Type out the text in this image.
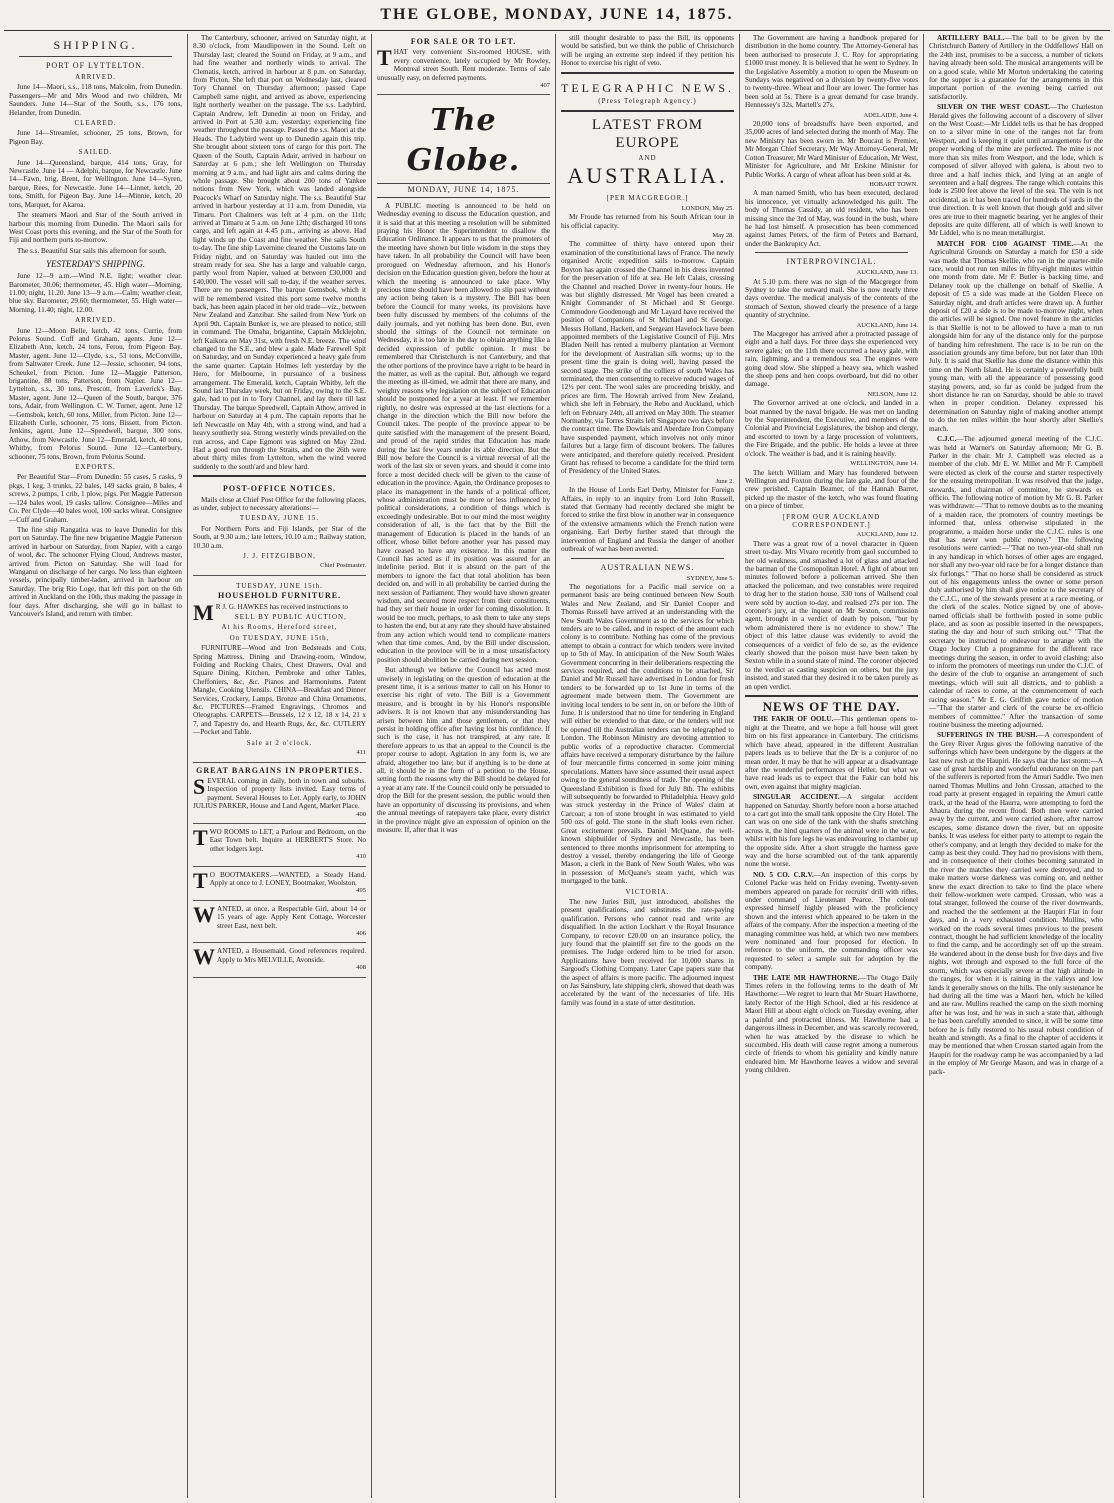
THE GLOBE, MONDAY, JUNE 14, 1875.
SHIPPING.
PORT OF LYTTELTON.
ARRIVED.

June 14—Maori, s.s., 118 tons, Malcolm, from Dunedin. Passengers—Mr and Mrs Wood and two children, Mr Saunders. June 14—Star of the South, s.s., 176 tons, Helander, from Dunedin.

CLEARED.

June 14—Streamlet, schooner, 25 tons, Brown, for Pigeon Bay.

SAILED.

June 14—Queensland, barque, 414 tons, Gray, for Newcastle. June 14 — Adelphi, barque, for Newcastle. June 14—Fawn, brig, Brent, for Wellington. June 14—Syren, barque, Rees, for Newcastle. June 14—Linnet, ketch, 20 tons, Smith, for Pigeon Bay. June 14—Minnie, ketch, 20 tons, Marquet, for Akaroa.

The steamers Maori and Star of the South arrived in harbour this morning from Dunedin. The Maori sails for West Coast ports this evening, and the Star of the South for Fiji and northern ports to-morrow.

The s.s. Beautiful Star sails this afternoon for south.

YESTERDAY'S SHIPPING.

June 12—9 a.m.—Wind N.E. light; weather clear. Barometer, 30.06; thermometer, 45. High water—Morning, 11.00; night, 11.20. June 13—9 a.m.—Calm; weather clear, blue sky. Barometer, 29.60; thermometer, 55. High water—Morning, 11.40; night, 12.00.

ARRIVED.

June 12—Moon Belle, ketch, 42 tons, Currie, from Pelorus Sound. Cuff and Graham, agents. June 12—Elizabeth Ann, ketch, 24 tons, Ferou, from Pigeon Bay. Master, agent. June 12—Clyde, s.s., 53 tons, McConville, from Saltwater Creek. June 12—Jessie, schooner, 94 tons, Scheukel, from Picton. June 12—Maggie Patterson, brigantine, 88 tons, Patterson, from Napier. June 12—Lyttelton, s.s., 30 tons, Prescott, from Laverick's Bay. Master, agent. June 12—Queen of the South, barque, 376 tons, Adair, from Wellington. C. W. Turner, agent. June 12—Gemsbok, ketch, 60 tons, Miller, from Picton. June 12—Elizabeth Curle, schooner, 75 tons, Bissett, from Picton. Jenkins, agent. June 12—Speedwell, barque, 300 tons, Athow, from Newcastle. June 12—Emerald, ketch, 40 tons, Whitby, from Pelorus Sound. June 12—Canterbury, schooner, 75 tons, Brown, from Pelorus Sound.

EXPORTS.

Per Beautiful Star—From Dunedin: 55 cases, 5 casks, 9 pkgs, 1 keg, 3 trunks, 22 bales, 149 sacks grain, 8 bales, 4 screws, 2 pumps, 1 crib, 1 plow, pigs. Per Maggie Patterson—124 bales wool, 19 casks tallow. Consignee—Miles and Co. Per Clyde—40 bales wool, 100 sacks wheat. Consignee—Cuff and Graham.

The fine ship Rangatira was to leave Dunedin for this port on Saturday. The fine new brigantine Maggie Patterson arrived in harbour on Saturday, from Napier, with a cargo of wool, &c. The schooner Flying Cloud, Andrews master, arrived from Picton on Saturday. She will load for Wanganui on discharge of her cargo. No less than eighteen vessels, principally timber-laden, arrived in harbour on Saturday. The brig Rio Loge, that left this port on the 6th arrived in Auckland on the 10th, thus making the passage in four days. After discharging, she will go in ballast to Vancouver's Island, and return with timber.

The Canterbury, schooner, arrived on Saturday night, at 8.30 o'clock, from Maudlipowen in the Sound. Left on Thursday last; cleared the Sound on Friday, at 9 a.m., and had fine weather and northerly winds to arrival. The Clematis, ketch, arrived in harbour at 8 p.m. on Saturday, from Picton. She left that port on Wednesday last, cleared Tory Channel on Thursday afternoon; passed Cape Campbell same night, and arrived as above, experiencing light northerly weather on the passage. The s.s. Ladybird, Captain Andrew, left Dunedin at noon on Friday, and arrived in Port at 5.30 a.m. yesterday; experiencing fine weather throughout the passage. Passed the s.s. Maori at the Heads. The Ladybird went up to Dunedin again this trip. She brought about sixteen tons of cargo for this port. The Queen of the South, Captain Adair, arrived in harbour on Saturday at 6 p.m.; she left Wellington on Thursday morning at 9 a.m., and had light airs and calms during the whole passage. She brought about 200 tons of Yankee notions from New York, which was landed alongside Peacock's Wharf on Saturday night. The s.s. Beautiful Star arrived in harbour yesterday at 11 a.m. from Dunedin, via Timaru. Port Chalmers was left at 4 p.m. on the 11th; arrived at Timaru at 5 a.m. on June 12th; discharged 10 tons cargo, and left again at 4.45 p.m., arriving as above. Had light winds up the Coast and fine weather. She sails South to-day. The fine ship Lavernine cleared the Customs late on Friday night, and on Saturday was hauled out into the stream ready for sea. She has a large and valuable cargo, partly wool from Napier, valued at between £30,000 and £40,000. The vessel will sail to-day, if the weather serves. There are no passengers. The barque Gemsbok, which it will be remembered visited this port some twelve months back, has been again placed in her old trade—viz., between New Zealand and Zanzibar. She sailed from New York on April 9th. Captain Bunker is, we are pleased to notice, still in command. The Omaha, brigantine, Captain Mcklejohn, left Kaikora on May 31st, with fresh N.E. breeze. The wind changed to the S.E., and blew a gale. Made Farewell Spit on Saturday, and on Sunday experienced a heavy gale from the same quarter. Captain Holmes left yesterday by the Hero, for Melbourne, in pursuance of a business arrangement. The Emerald, ketch, Captain Whitby, left the Sound last Thursday week, but on Friday, owing to the S.E. gale, had to put in to Tory Channel, and lay there till last Thursday. The barque Speedwell, Captain Athow, arrived in harbour on Saturday at 4 p.m. The captain reports that he left Newcastle on May 4th, with a strong wind, and had a heavy southerly sea. Strong westerly winds prevailed on the run across, and Cape Egmont was sighted on May 22nd. Had a good run through the Straits, and on the 26th were about thirty miles from Lyttelton, when the wind veered suddenly to the south'ard and blew hard.

POST-OFFICE NOTICES.

Mails close at Chief Post Office for the following places, as under, subject to necessary alterations:—

TUESDAY, JUNE 15.

For Northern Ports and Fiji Islands, per Star of the South, at 9.30 a.m.; late letters, 10.10 a.m.; Railway station, 10.30 a.m.

J. J. FITZGIBBON,
Chief Postmaster.
TUESDAY, JUNE 15th.
HOUSEHOLD FURNITURE.
M R J. G. HAWKES has received instructions to
SELL BY PUBLIC AUCTION,
At his Rooms, Hereford street,
On TUESDAY, JUNE 15th,

FURNITURE—Wood and Iron Bedsteads and Cots, Spring Mattress, Dining and Drawing-room, Window, Folding and Rocking Chairs, Chest Drawers, Oval and Square Dining, Kitchen, Pembroke and other Tables, Cheffoniers, &c, &c. Pianos and Harmoniums. Patent Mangle, Cooking Utensils. CHINA—Breakfast and Dinner Services, Crockery, Lamps, Bronze and China Ornaments, &c. PICTURES—Framed Engravings, Chromos and Oleographs. CARPETS—Brussels, 12 x 12, 18 x 14, 21 x 7, and Tapestry do, and Hearth Rugs, &c, &c. CUTLERY—Pocket and Table.

Sale at 2 o'clock.
411
GREAT BARGAINS IN PROPERTIES.
SEVERAL coming in daily, both in town and suburbs. Inspection of property lists invited. Easy terms of payment. Several Houses to Let. Apply early, to JOHN JULIUS PARKER, House and Land Agent, Market Place.
400
TWO ROOMS to LET, a Parlour and Bedroom, on the East Town belt. Inquire at HERBERT'S Store. No other lodgers kept.
410
T O BOOTMAKERS.—WANTED, a Steady Hand. Apply at once to J. LONEY, Bootmaker, Woolston.
495
WANTED, at once, a Respectable Girl, about 14 or 15 years of age. Apply Kent Cottage, Worcester street East, next belt.
406
WANTED, a Housemaid. Good references required. Apply to Mrs MELVILLE, Avonside.
408
FOR SALE OR TO LET.
THAT very convenient Six-roomed HOUSE, with every convenience, lately occupied by Mr Rowley, Montreal street South. Rent moderate. Terms of sale unusually easy, on deferred payments.
407
The Globe.
MONDAY, JUNE 14, 1875.

A PUBLIC meeting is announced to be held on Wednesday evening to discuss the Education question, and it is said that at this meeting a resolution will be submitted praying his Honor the Superintendent to disallow the Education Ordinance. It appears to us that the promoters of the meeting have shown but little wisdom in the steps they have taken. In all probability the Council will have been prorogued on Wednesday afternoon, and his Honor's decision on the Education question given, before the hour at which the meeting is announced to take place. Why precious time should have been allowed to slip past without any action being taken is a mystery. The Bill has been before the Council for many weeks, its provisions have been fully discussed by members of the columns of the daily journals, and yet nothing has been done. But, even should the sittings of the Council not terminate on Wednesday, it is too late in the day to obtain anything like a decided expression of public opinion. It must be remembered that Christchurch is not Canterbury, and that the other portions of the province have a right to be heard in the matter, as well as the capital. But, although we regard the meeting as ill-timed, we admit that there are many, and weighty reasons why legislation on the subject of Education should be postponed for a year at least. If we remember rightly, no desire was expressed at the last elections for a change in the direction which the Bill now before the Council takes. The people of the province appear to be quite satisfied with the management of the present Board, and proud of the rapid strides that Education has made during the last few years under its able direction. But the Bill now before the Council is a virtual reversal of all the work of the last six or seven years, and should it come into force a most decided check will be given to the cause of education in the province. Again, the Ordinance proposes to place its management in the hands of a political officer, whose administration must be more or less influenced by political considerations, a condition of things which is exceedingly undesirable. But to our mind the most weighty consideration of all, is the fact that by the Bill the management of Education is placed in the hands of an officer, whose billet before another year has passed may have ceased to have any existence. In this matter the Council has acted as if its position was assured for an indefinite period. But it is absurd on the part of the members to ignore the fact that total abolition has been decided on, and will in all probability be carried during the next session of Parliament. They would have shown greater wisdom, and secured more respect from their constituents, had they set their house in order for coming dissolution. It would be too much, perhaps, to ask them to take any steps to hasten the end, but at any rate they should have abstained from any action which would tend to complicate matters when that time comes. And, by the Bill under discussion, education in the province will be in a most unsatisfactory position should abolition be carried during next session.

But although we believe the Council has acted most unwisely in legislating on the question of education at the present time, it is a serious matter to call on his Honor to exercise his right of veto. The Bill is a Government measure, and is brought in by his Honor's responsible advisers. It is not known that any misunderstanding has arisen between him and those gentlemen, or that they persist in holding office after having lost his confidence. If such is the case, it has not transpired, at any rate. It therefore appears to us that an appeal to the Council is the proper course to adopt. Agitation in any form is, we are afraid, altogether too late; but if anything is to be done at all, it should be in the form of a petition to the House, setting forth the reasons why the Bill should be delayed for a year at any rate. If the Council could only be persuaded to drop the Bill for the present session, the public would then have an opportunity of discussing its provisions, and when the annual meetings of ratepayers take place, every district in the province might give an expression of opinion on the measure. If, after that it was

still thought desirable to pass the Bill, its opponents would be satisfied, but we think the public of Christchurch will be urging an extreme step indeed if they petition his Honor to exercise his right of veto.

TELEGRAPHIC NEWS.
(Press Telegraph Agency.)
LATEST FROM EUROPE
AND
AUSTRALIA.
[PER MACGREGOR.]
LONDON, May 25.

Mr Froude has returned from his South African tour in his official capacity.

May 28.

The committee of thirty have entered upon their examination of the constitutional laws of France. The newly organised Arctic expedition sails to-morrow. Captain Boyton has again crossed the Channel in his dress invented for the preservation of life at sea. He left Calais, crossing the Channel and reached Dover in twenty-four hours. He was but slightly distressed. Mr Vogel has been created a Knight Commander of St Michael and St George. Commodore Goodenough and Mr Layard have received the position of Companions of St Michael and St George. Messrs Holland, Hackett, and Sergeant Havelock have been appointed members of the Legislative Council of Fiji. Mrs Bladen Neill has rented a mulberry plantation at Vermont for the development of Australian silk worms; up to the present time the grain is doing well, having passed the second stage. The strike of the colliers of south Wales has terminated, the men consenting to receive reduced wages of 12½ per cent. The wool sales are proceeding briskly, and prices are firm. The Howrah arrived from New Zealand, which she left in February, the Rebo and Auckland, which left on February 24th, all arrived on May 30th. The steamer Normanby, via Torres Straits left Singapore two days before the contract time. The Dowlais and Aberdare Iron Company have suspended payment, which involves not only minor failures but a large firm of discount brokers. The failures were anticipated, and therefore quietly received. President Grant has refused to become a candidate for the third term of Presidency of the United States.

June 2.

In the House of Lords Earl Derby, Minister for Foreign Affairs, in reply to an inquiry from Lord John Russell, stated that Germany had recently declared she might be forced to strike the first blow in another war in consequence of the extensive armaments which the French nation were organising. Earl Derby further stated that through the intervention of England and Russia the danger of another outbreak of war has been averted.

AUSTRALIAN NEWS.
SYDNEY, June 5.

The negotiations for a Pacific mail service on a permanent basis are being continued between New South Wales and New Zealand, and Sir Daniel Cooper and Thomas Russell have arrived at an understanding with the New South Wales Government as to the services for which tenders are to be called, and in respect of the amount each colony is to contribute. Nothing has come of the previous attempt to obtain a contract for which tenders were invited up to 5th of May. In anticipation of the New South Wales Government concurring in their deliberations respecting the services required, and the conditions to be attached, Sir Daniel and Mr Russell have advertised in London for fresh tenders to be forwarded up to 1st June in terms of the agreement made between them. The Government are inviting local tenders to be sent in, on or before the 10th of June. It is understood that no time for tendering in England will either be extended to that date, or the tenders will not be opened till the Australian tenders can be telegraphed to London. The Robinson Ministry are devoting attention to public works of a reproductive character. Commercial affairs have received a temporary disturbance by the failure of four mercantile firms concerned in some joint mining speculations. Matters have since assumed their usual aspect owing to the general soundness of trade. The opening of the Queensland Exhibition is fixed for July 8th. The exhibits will subsequently be forwarded to Philadelphia. Heavy gold was struck yesterday in the Prince of Wales' claim at Carcoar; a ton of stone brought in was estimated to yield 500 ozs of gold. The stone in the shaft looks even richer. Great excitement prevails. Daniel McQuane, the well-known shipbuilder of Sydney and Newcastle, has been sentenced to three months imprisonment for attempting to destroy a vessel, thereby endangering the life of George Mason, a clerk in the Bank of New South Wales, who was in possession of McQuane's steam yacht, which was mortgaged to the bank.

VICTORIA.

The new Juries Bill, just introduced, abolishes the present qualifications, and substitutes the rate-paying qualification. Persons who cannot read and write are disqualified. In the action Lockhart v the Royal Insurance Company, to recover £20.00 on an insurance policy, the jury found that the plaintiff set fire to the goods on the premises. The Judge ordered him to be tried for arson. Applications have been received for 10,000 shares in Sargood's Clothing Company. Later Cape papers state that the aspect of affairs is more pacific. The adjourned inquest on Jas Sainsbury, late shipping clerk, showed that death was accelerated by the want of the necessaries of life. His family was found in a state of utter destitution.

The Government are having a handbook prepared for distribution in the home country. The Attorney-General has been authorised to prosecute J. C. Roy for appropriating £1000 trust money. It is believed that he went to Sydney. In the Legislative Assembly a motion to open the Museum on Sundays was negatived on a division by twenty-five votes to twenty-three. Wheat and flour are lower. The former has been sold at 5s. There is a great demand for case brandy. Hennessey's 32s, Martell's 27s.

ADELAIDE, June 4.

20,000 tons of breadstuffs have been exported, and 35,000 acres of land selected during the month of May. The new Ministry has been sworn in. Mr Boucaut is Premier, Mr Morgan Chief Secretary, Mr Way Attorney-General, Mr Cotton Treasurer, Mr Ward Minister of Education, Mr West, Minister for Agriculture, and Mr Erskine Minister for Public Works. A cargo of wheat afloat has been sold at 4s.

HOBART TOWN.

A man named Smith, who has been executed, declared his innocence, yet virtually acknowledged his guilt. The body of Thomas Cassidy, an old resident, who has been missing since the 3rd of May, was found in the bush, where he had lost himself. A prosecution has been commenced against James Peters, of the firm of Peters and Barnard, under the Bankruptcy Act.

INTERPROVINCIAL.
AUCKLAND, June 13.

At 5.10 p.m. there was no sign of the Macgregor from Sydney to take the outward mail. She is now nearly three days overdue. The medical analysis of the contents of the stomach of Sexton, showed clearly the presence of a large quantity of strychnine.

AUCKLAND, June 14.

The Macgregor has arrived after a protracted passage of eight and a half days. For three days she experienced very severe gales; on the 11th there occurred a heavy gale, with rain, lightning, and a tremendous sea. The engines were going dead slow. She shipped a heavy sea, which washed the sheep pens and hen coops overboard, but did no other damage.

NELSON, June 12.

The Governor arrived at one o'clock, and landed in a boat manned by the naval brigade. He was met on landing by the Superintendent, the Executive, and members of the Colonial and Provincial Legislatures, the bishop and clergy, and escorted to town by a large procession of volunteers, the Fire Brigade, and the public. He holds a levee at three o'clock. The weather is bad, and it is raining heavily.

WELLINGTON, June 14.

The ketch William and Mary has foundered between Wellington and Foxton during the late gale, and four of the crew perished. Captain Beamer, of the Hannah Barret, picked up the master of the ketch, who was found floating on a piece of timber.

[FROM OUR AUCKLAND CORRESPONDENT.]
AUCKLAND, June 12.

There was a great row of a novel character in Queen street to-day. Mrs Vivaro recently from gaol succumbed to her old weakness, and smashed a lot of glass and attacked the barman of the Cosmopolitan Hotel. A fight of about ten minutes followed before a policeman arrived. She then attacked the policeman, and two constables were required to drag her to the station house. 330 tons of Wallsend coal were sold by auction to-day, and realised 27s per ton. The coroner's jury, at the inquest on Mr Sexton, commission agent, brought in a verdict of death by poison, "but by whom administered there is no evidence to show." The object of this latter clause was evidently to avoid the consequences of a verdict of felo de se, as the evidence clearly showed that the poison must have been taken by Sexton while in a sound state of mind. The coroner objected to the verdict as casting suspicion on others, but the jury insisted, and stated that they desired it to be taken purely as an open verdict.

NEWS OF THE DAY.

THE FAKIR OF OOLU.—This gentleman opens to-night at the Theatre, and we hope a full house will greet him on his first appearance in Canterbury. The criticisms which have ahead, appeared in the different Australian papers leads us to believe that the Dr is a conjuror of no mean order. It may be that he will appear at a disadvantage after the wonderful performances of Heller, but what we have read leads us to expect that the Fakir can hold his own, even against that mighty magician.

SINGULAR ACCIDENT.—A singular accident happened on Saturday. Shortly before noon a horse attached to a cart got into the small tank opposite the City Hotel. The cart was on one side of the tank with the shafts stretching across it, the hind quarters of the animal were in the water, whilst with his fore legs he was endeavouring to clamber up the opposite side. After a short struggle the harness gave way and the horse scrambled out of the tank apparently none the worse.

NO. 5 CO. C.R.V.—An inspection of this corps by Colonel Packe was held on Friday evening. Twenty-seven members appeared on parade for recruits' drill with rifles, under command of Lieutenant Pearce. The colonel expressed himself highly pleased with the proficiency shown and the interest which appeared to be taken in the affairs of the company. After the inspection a meeting of the managing committee was held, at which two new members were nominated and four proposed for election. In reference to the uniform, the commanding officer was requested to select a sample suit for adoption by the company.

THE LATE MR HAWTHORNE.—The Otago Daily Times refers in the following terms to the death of Mr Hawthorne:—We regret to learn that Mr Stuart Hawthorne, lately Rector of the High School, died at his residence at Maori Hill at about eight o'clock on Tuesday evening, after a painful and protracted illness. Mr Hawthorne had a dangerous illness in December, and was scarcely recovered, when he was attacked by the disease to which he succumbed. His death will cause regret among a numerous circle of friends to whom his geniality and kindly nature endeared him. Mr Hawthorne leaves a widow and several young children.

ARTILLERY BALL.—The ball to be given by the Christchurch Battery of Artillery in the Oddfellows' Hall on the 24th inst, promises to be a success, a number of tickets having already been sold. The musical arrangements will be on a good scale, while Mr Morton undertaking the catering for the supper is a guarantee for the arrangements in this important portion of the evening being carried out satisfactorily.

SILVER ON THE WEST COAST.—The Charleston Herald gives the following account of a discovery of silver on the West Coast:—Mr Liddel tells us that he has dropped on to a silver mine in one of the ranges not far from Westport, and is keeping it quiet until arrangements for the proper working of the mine are perfected. The mine is not more than six miles from Westport, and the lode, which is composed of silver alloyed with galena, is about two to three and a half inches thick, and lying at an angle of seventeen and a half degrees. The range which contains this lode is 2500 feet above the level of the sea. The vein is not accidental, as it has been traced for hundreds of yards in the true direction. It is well known that though gold and silver ores are true to their magnetic bearing, yet he angles of their deposits are quite different, all of which is well known to Mr Liddel, who is no mean metallurgist.

MATCH FOR £100 AGAINST TIME.—At the Agricultural Grounds on Saturday a match for £50 a side was made that Thomas Skellie, who ran in the quarter-mile race, would not run ten miles in fifty-eight minutes within one month from date. Mr F. Butler is backing time, and Delaney took up the challenge on behalf of Skellie. A deposit of £5 a side was made at the Golden Fleece on Saturday night, and draft articles were drawn up. A further deposit of £20 a side is to be made to-morrow night, when the articles will be signed. One novel feature in the articles is that Skellie is not to be allowed to have a man to run alongside him for any of the distance only for the purpose of handing him refreshment. The race is to be run on the association grounds any time before, but not later than 10th July. It is said that Skellie has done the distance within this time on the North Island. He is certainly a powerfully built young man, with all the appearance of possessing good staying powers, and, so far as could be judged from the short distance he ran on Saturday, should be able to travel when in proper condition. Delaney expressed his determination on Saturday night of making another attempt to do the ten miles within the hour shortly after Skellie's match.

C.J.C.—The adjourned general meeting of the C.J.C. was held at Warner's on Saturday afternoon; Mr G. B. Parker in the chair. Mr J. Campbell was elected as a member of the club. Mr E. W. Millet and Mr F. Campbell were elected as clerk of the course and starter respectively for the ensuing metropolitan. It was resolved that the judge, stewards, and chairman of committee, be stewards ex officio. The following notice of motion by Mr G. B. Parker was withdrawn:—"That to remove doubts as to the meaning of a maiden race, the promoters of country meetings be informed that, unless otherwise stipulated in the programme, a maiden horse under the C.J.C. rules is one that has never won public money." The following resolutions were carried:—"That no two-year-old shall run in any handicap in which horses of other ages are engaged, nor shall any two-year old race be for a longer distance than six furlongs." "That no horse shall be considered as struck out of his engagements unless the owner or some person duly authorised by him shall give notice to the secretary of the C.J.C., one of the stewards present at a race meeting, or the clerk of the scales. Notice signed by one of above-named officials shall be forthwith posted in some public place, and as soon as possible inserted in the newspapers, stating the day and hour of such striking out." "That the secretary be instructed to endeavour to arrange with the Otago Jockey Club a programme for the different race meetings during the season, in order to avoid clashing; also to inform the promoters of meetings run under the C.J.C. of the desire of the club to organise an arrangement of such meetings, which will suit all districts, and to publish a calendar of races to come, at the commencement of each racing season." Mr E. G. Griffith gave notice of motion—"That the starter and clerk of the course be ex-officio members of committee." After the transaction of some routine business the meeting adjourned.

SUFFERINGS IN THE BUSH.—A correspondent of the Grey River Argus gives the following narrative of the sufferings which have been undergone by the diggers at the last new rush at the Haupiri. He says that the last storm:—A case of great hardship and wonderful endurance on the part of the sufferers is reported from the Amuri Saddle. Two men named Thomas Mullins and John Crossan, attached to the road party at present engaged in repairing the Amuri cattle track, at the head of the Haurra, were attempting to ford the Ahaura during the recent flood. Both men were carried away by the current, and were carried ashore, after narrow escapes, some distance down the river, but on opposite banks. It was useless for either party to attempt to regain the other's company, and at length they decided to make for the camp as best they could. They had no provisions with them, and in consequence of their clothes becoming saturated in the river the matches they carried were destroyed, and to make matters worse darkness was coming on, and neither knew the exact direction to take to find the place where their fellow-workmen were camped. Crossan, who was a total stranger, followed the course of the river downwards, and reached the the settlement at the Haupiri Flat in four days, and in a very exhausted condition. Mullins, who worked on the roads several times previous to the present contract, thought he had sufficient knowledge of the locality to find the camp, and he accordingly set off up the stream. He wandered about in the dense bush for five days and five nights, wet through and exposed to the full force of the storm, which was especially severe at that high altitude in the ranges, for when it is raining in the valleys and low lands it generally snows on the hills. The only sustenance he had during all the time was a Maori hen, which he killed and ate raw. Mullins reached the camp on the sixth morning after he was lost, and he was in such a state that, although he has been carefully attended to since, it will be some time before he is fully restored to his usual robust condition of health and strength. As a final to the chapter of accidents it may be mentioned that when Crossan started again from the Haupiri for the roadway camp he was accompanied by a lad in the employ of Mr George Mason, and was in charge of a pack-
